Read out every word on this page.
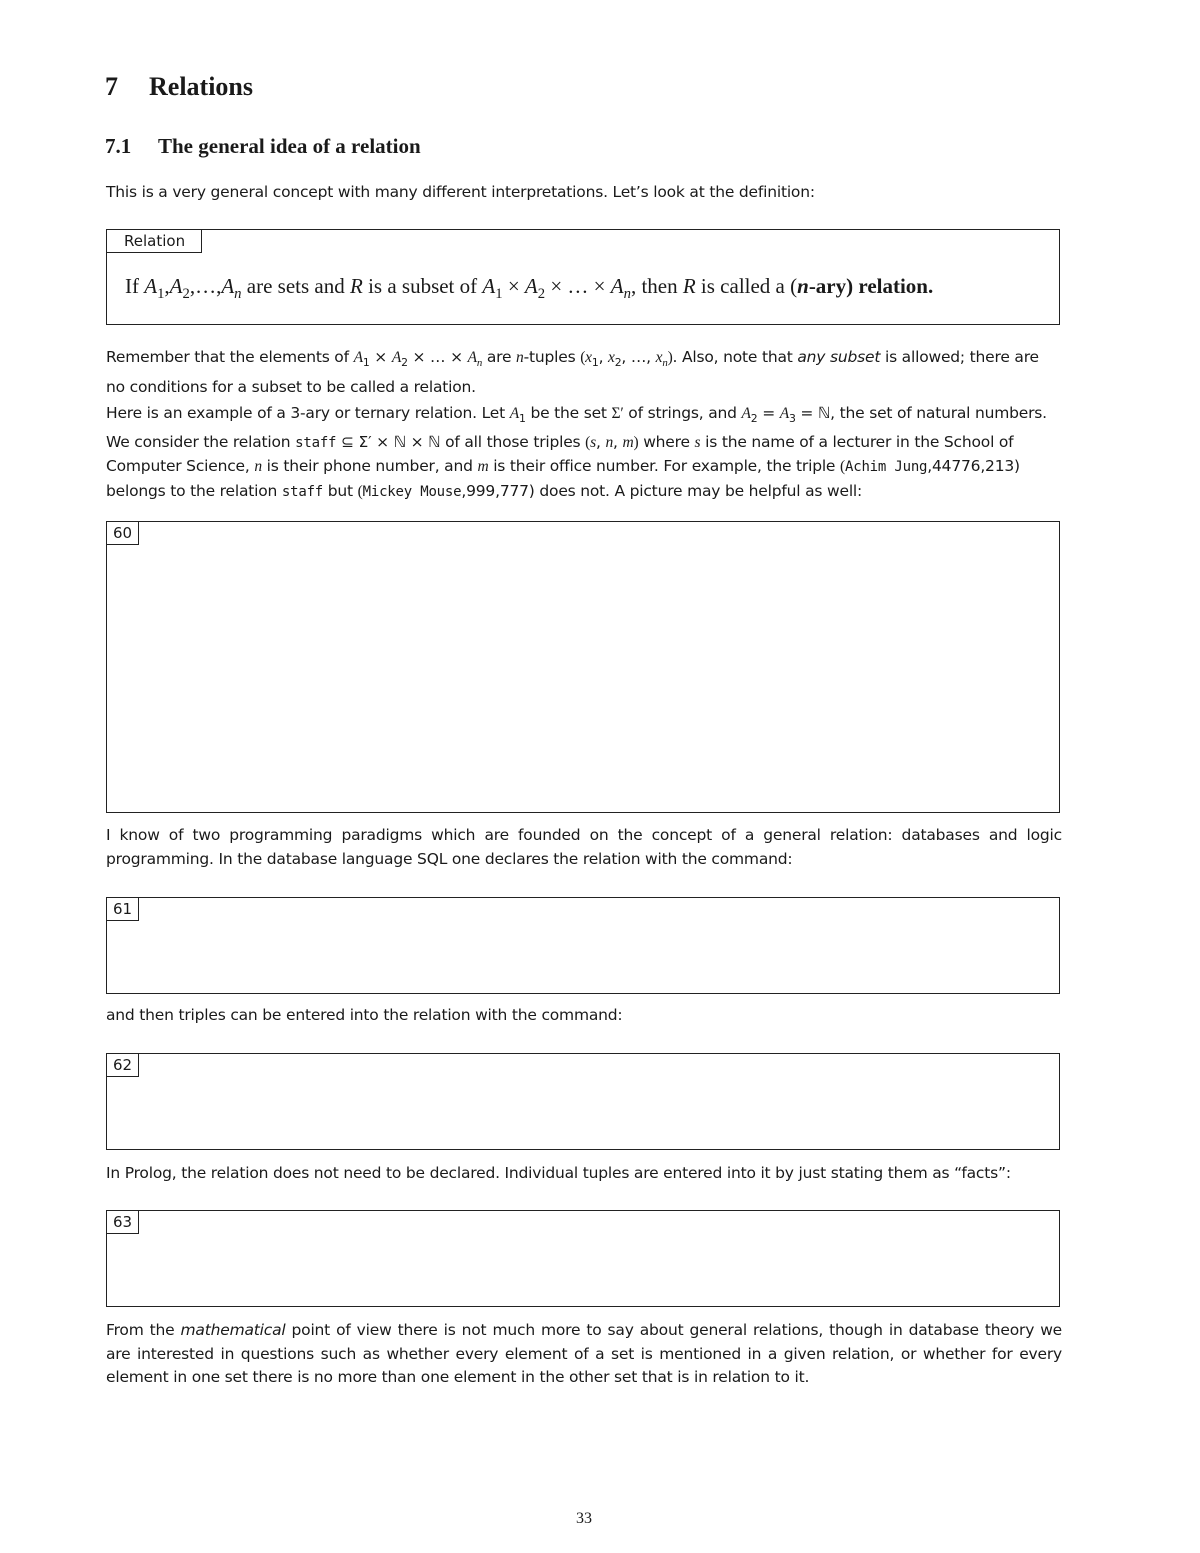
7 Relations
7.1 The general idea of a relation
This is a very general concept with many different interpretations. Let’s look at the definition:
Relation
If $A_1,A_2,\dots,A_n$ are sets and R is a subset of $A_1 \times A_2$ × … × $A_n$, then R is called a (n-ary) relation.
Remember that the elements of $A_1 \times A_2$ × … × $A_n$ are n-tuples ($x_1$, $x_2$, …, $x_n$). Also, note that any subset is allowed; there are no conditions for a subset to be called a relation.
Here is an example of a 3-ary or ternary relation. Let $A_1$ be the set Σ′ of strings, and $A_2 = A_3$ = ℕ, the set of natural numbers. We consider the relation staff ⊆ Σ′ × ℕ × ℕ of all those triples (s, n, m) where s is the name of a lecturer in the School of Computer Science, n is their phone number, and m is their office number. For example, the triple (Achim Jung,44776,213) belongs to the relation staff but (Mickey Mouse,999,777) does not. A picture may be helpful as well:
60
I know of two programming paradigms which are founded on the concept of a general relation: databases and logic programming. In the database language SQL one declares the relation with the command:
61
and then triples can be entered into the relation with the command:
62
In Prolog, the relation does not need to be declared. Individual tuples are entered into it by just stating them as “facts”:
63
From the mathematical point of view there is not much more to say about general relations, though in database theory we are interested in questions such as whether every element of a set is mentioned in a given relation, or whether for every element in one set there is no more than one element in the other set that is in relation to it.
33
